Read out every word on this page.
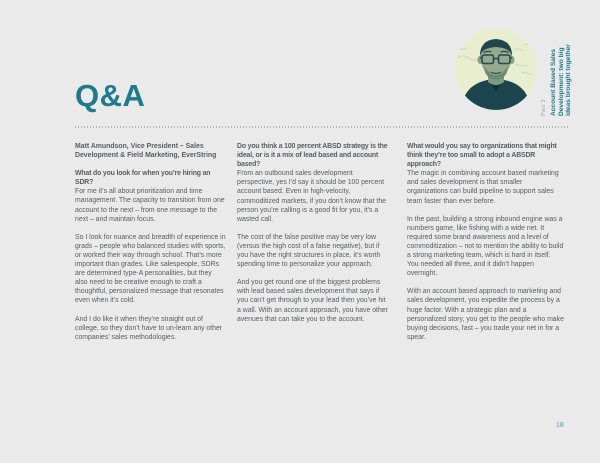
Q&A	Part 3 Account Based Sales Development: two big ideas brought together

Matt Amundson, Vice President – Sales Development & Field Marketing, EverString

What do you look for when you’re hiring an SDR?

For me it’s all about prioritization and time management. The capacity to transition from one account to the next – from one message to the next – and maintain focus.

So I look for nuance and breadth of experience in grads – people who balanced studies with sports, or worked their way through school. That’s more important than grades. Like salespeople, SDRs are determined type-A personalities, but they also need to be creative enough to craft a thoughtful, personalized message that resonates even when it’s cold.

And I do like it when they’re straight out of college, so they don’t have to un-learn any other companies’ sales methodologies.

Do you think a 100 percent ABSD strategy is the ideal, or is it a mix of lead based and account based?

From an outbound sales development perspective, yes I’d say it should be 100 percent account based. Even in high-velocity, commoditized markets, if you don’t know that the person you’re calling is a good fit for you, it’s a wasted call.

The cost of the false positive may be very low (versus the high cost of a false negative), but if you have the right structures in place, it’s worth spending time to personalize your approach.

And you get round one of the biggest problems with lead based sales development that says if you can’t get through to your lead then you’ve hit a wall. With an account approach, you have other avenues that can take you to the account.

What would you say to organizations that might think they’re too small to adopt a ABSDR approach?

The magic in combining account based marketing and sales development is that smaller organizations can build pipeline to support sales team faster than ever before.

In the past, building a strong inbound engine was a numbers game, like fishing with a wide net. It required some brand awareness and a level of commoditization – not to mention the ability to build a strong marketing team, which is hard in itself. You needed all three, and it didn’t happen overnight.

With an account based approach to marketing and sales development, you expedite the process by a huge factor. With a strategic plan and a personalized story, you get to the people who make buying decisions, fast – you trade your net in for a spear.

18
